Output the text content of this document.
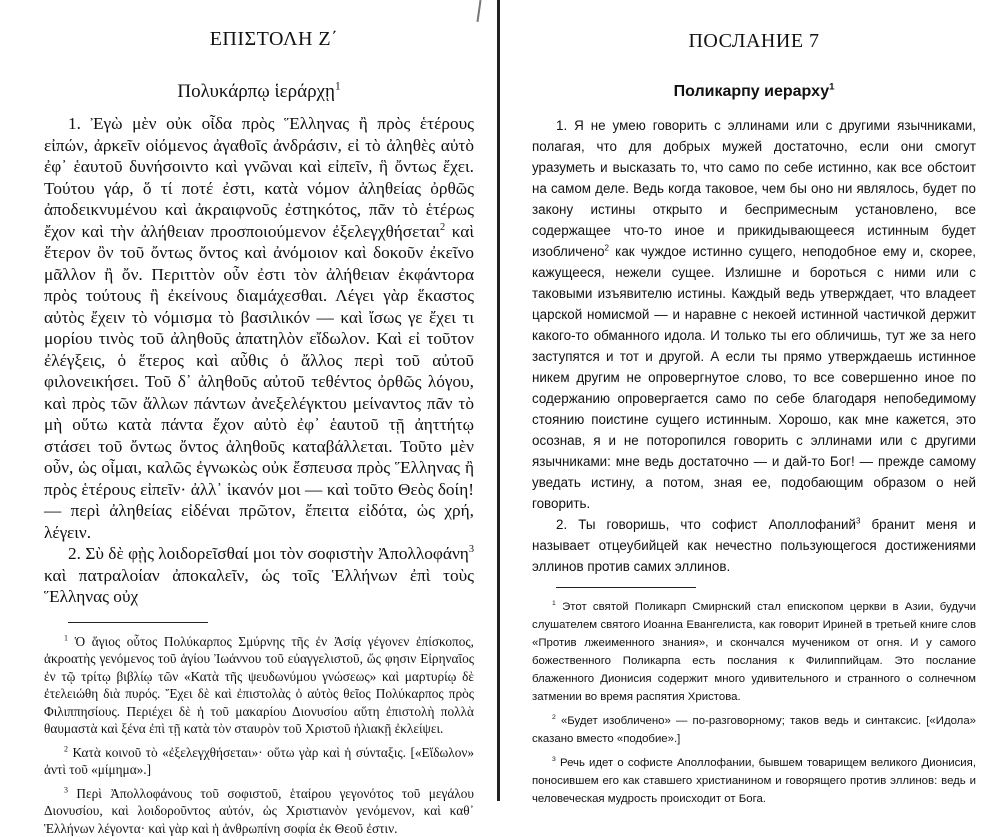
ΕΠΙΣΤΟΛΗ Ζ΄
Πολυκάρπῳ ἱεράρχῃ$^1$

1. Ἐγὼ μὲν οὐκ οἶδα πρὸς Ἕλληνας ἢ πρὸς ἑτέρους εἰπών, ἀρκεῖν οἰόμενος ἀγαθοῖς ἀνδράσιν, εἰ τὸ ἀληθὲς αὐτὸ ἐφ᾽ ἑαυτοῦ δυνήσοιντο καὶ γνῶναι καὶ εἰπεῖν, ἣ ὄντως ἔχει. Τούτου γάρ, ὅ τί ποτέ ἐστι, κατὰ νόμον ἀληθείας ὀρθῶς ἀποδεικνυμένου καὶ ἀκραιφνοῦς ἐστηκότος, πᾶν τὸ ἑτέρως ἔχον καὶ τὴν ἀλήθειαν προσποιούμενον ἐξελεγχθήσεται$^2$ καὶ ἕτερον ὂν τοῦ ὄντως ὄντος καὶ ἀνόμοιον καὶ δοκοῦν ἐκεῖνο μᾶλλον ἢ ὄν. Περιττὸν οὖν ἐστι τὸν ἀλήθειαν ἐκφάντορα πρὸς τούτους ἢ ἐκείνους διαμάχεσθαι. Λέγει γὰρ ἕκαστος αὐτὸς ἔχειν τὸ νόμισμα τὸ βασιλικόν — καὶ ἴσως γε ἔχει τι μορίου τινὸς τοῦ ἀληθοῦς ἀπατηλὸν εἴδωλον. Καὶ εἰ τοῦτον ἐλέγξεις, ὁ ἕτερος καὶ αὖθις ὁ ἄλλος περὶ τοῦ αὐτοῦ φιλονεικήσει. Τοῦ δ᾽ ἀληθοῦς αὐτοῦ τεθέντος ὀρθῶς λόγου, καὶ πρὸς τῶν ἄλλων πάντων ἀνεξελέγκτου μείναντος πᾶν τὸ μὴ οὕτω κατὰ πάντα ἔχον αὐτὸ ἐφ᾽ ἑαυτοῦ τῇ ἀηττήτῳ στάσει τοῦ ὄντως ὄντος ἀληθοῦς καταβάλλεται. Τοῦτο μὲν οὖν, ὡς οἶμαι, καλῶς ἐγνωκὼς οὐκ ἔσπευσα πρὸς Ἕλληνας ἢ πρὸς ἑτέρους εἰπεῖν· ἀλλ᾽ ἱκανόν μοι — καὶ τοῦτο Θεὸς δοίη! — περὶ ἀληθείας εἰδέναι πρῶτον, ἔπειτα εἰδότα, ὡς χρή, λέγειν.

2. Σὺ δὲ φῂς λοιδορεῖσθαί μοι τὸν σοφιστὴν Ἀπολλοφάνη$^3$ καὶ πατραλοίαν ἀποκαλεῖν, ὡς τοῖς Ἑλλήνων ἐπὶ τοὺς Ἕλληνας οὐχ

$^1$ Ὁ ἅγιος οὗτος Πολύκαρπος Σμύρνης τῆς ἐν Ἀσίᾳ γέγονεν ἐπίσκοπος, ἀκροατὴς γενόμενος τοῦ ἁγίου Ἰωάννου τοῦ εὐαγγελιστοῦ, ὥς φησιν Εἰρηναῖος ἐν τῷ τρίτῳ βιβλίῳ τῶν «Κατὰ τῆς ψευδωνύμου γνώσεως» καὶ μαρτυρίῳ δὲ ἐτελειώθη διὰ πυρός. Ἔχει δὲ καὶ ἐπιστολὰς ὁ αὐτὸς θεῖος Πολύκαρπος πρὸς Φιλιππησίους. Περιέχει δὲ ἡ τοῦ μακαρίου Διονυσίου αὕτη ἐπιστολὴ πολλὰ θαυμαστὰ καὶ ξένα ἐπὶ τῇ κατὰ τὸν σταυρὸν τοῦ Χριστοῦ ἡλιακῇ ἐκλείψει.

$^2$ Κατὰ κοινοῦ τὸ «ἐξελεγχθήσεται»· οὕτω γὰρ καὶ ἡ σύνταξις. [«Εἴδωλον» ἀντὶ τοῦ «μίμημα».]

$^3$ Περὶ Ἀπολλοφάνους τοῦ σοφιστοῦ, ἑταίρου γεγονότος τοῦ μεγάλου Διονυσίου, καὶ λοιδοροῦντος αὐτόν, ὡς Χριστιανὸν γενόμενον, καὶ καθ᾽ Ἑλλήνων λέγοντα· καὶ γὰρ καὶ ἡ ἀνθρωπίνη σοφία ἐκ Θεοῦ ἐστιν.

ПОСЛАНИЕ 7
Поликарпу иерарху$^1$

1. Я не умею говорить с эллинами или с другими язычниками, полагая, что для добрых мужей достаточно, если они смогут уразуметь и высказать то, что само по себе истинно, как все обстоит на самом деле. Ведь когда таковое, чем бы оно ни являлось, будет по закону истины открыто и беспримесным установлено, все содержащее что-то иное и прикидывающееся истинным будет изобличено$^2$ как чуждое истинно сущего, неподобное ему и, скорее, кажущееся, нежели сущее. Излишне и бороться с ними или с таковыми изъявителю истины. Каждый ведь утверждает, что владеет царской номисмой — и наравне с некоей истинной частичкой держит какого-то обманного идола. И только ты его обличишь, тут же за него заступятся и тот и другой. А если ты прямо утверждаешь истинное никем другим не опровергнутое слово, то все совершенно иное по содержанию опровергается само по себе благодаря непобедимому стоянию поистине сущего истинным. Хорошо, как мне кажется, это осознав, я и не поторопился говорить с эллинами или с другими язычниками: мне ведь достаточно — и дай-то Бог! — прежде самому уведать истину, а потом, зная ее, подобающим образом о ней говорить.

2. Ты говоришь, что софист Аполлофаний$^3$ бранит меня и называет отцеубийцей как нечестно пользующегося достижениями эллинов против самих эллинов.

$^1$ Этот святой Поликарп Смирнский стал епископом церкви в Азии, будучи слушателем святого Иоанна Евангелиста, как говорит Ириней в третьей книге слов «Против лжеименного знания», и скончался мучеником от огня. И у самого божественного Поликарпа есть послания к Филиппийцам. Это послание блаженного Дионисия содержит много удивительного и странного о солнечном затмении во время распятия Христова.

$^2$ «Будет изобличено» — по-разговорному; таков ведь и синтаксис. [«Идола» сказано вместо «подобие».]

$^3$ Речь идет о софисте Аполлофании, бывшем товарищем великого Дионисия, поносившем его как ставшего христианином и говорящего против эллинов: ведь и человеческая мудрость происходит от Бога.
